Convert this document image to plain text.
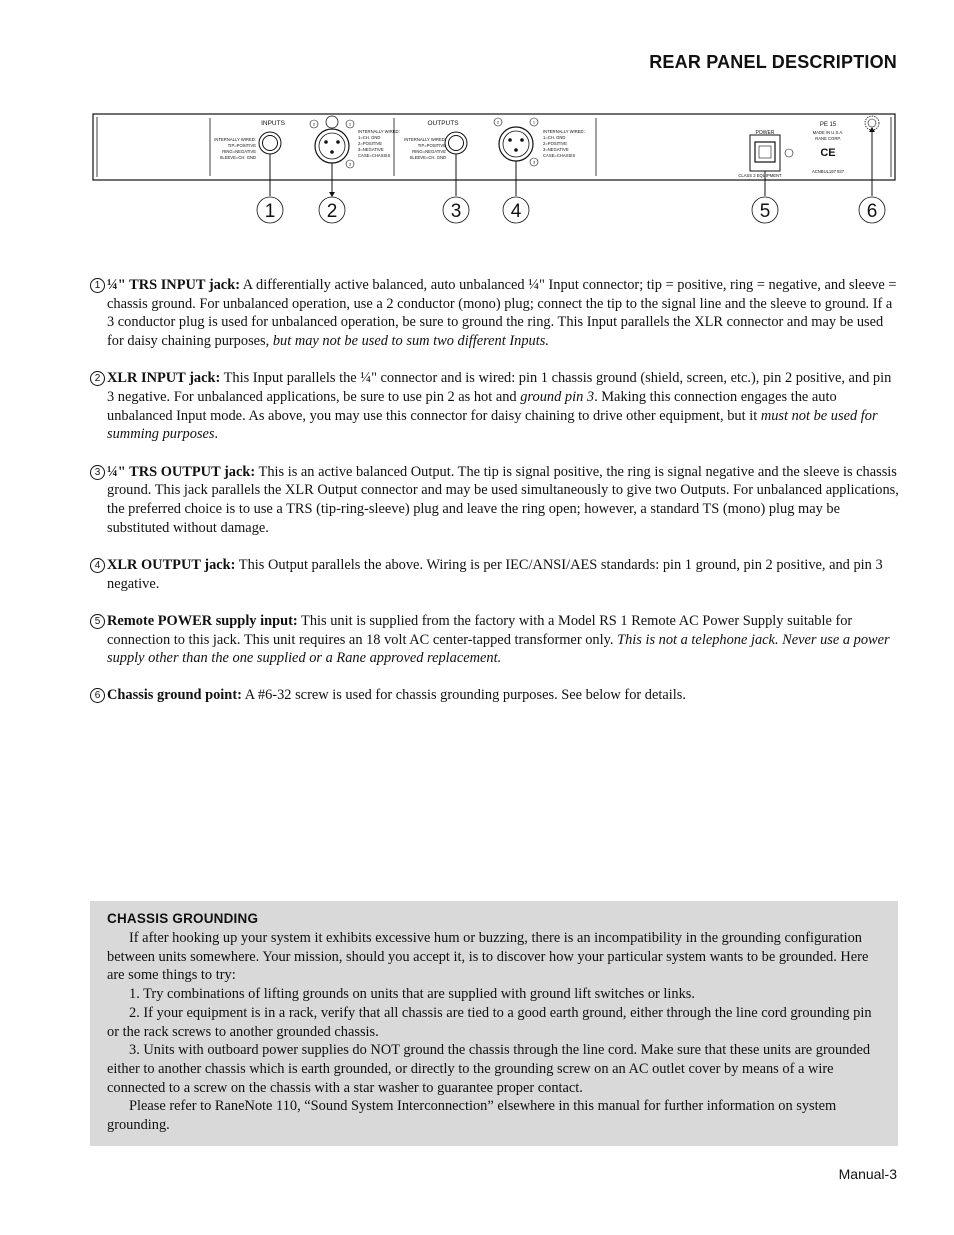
REAR PANEL DESCRIPTION
INPUTS	OUTPUTS
INTERNALLY WIRED:
TIP=POSITIVE
RING=NEGATIVE
SLEEVE=CH. GND
2	1
3
INTERNALLY WIRED:
1=CH. GND
2=POSITIVE
3=NEGATIVE
CASE=CHASSIS
INTERNALLY WIRED:
TIP=POSITIVE
RING=NEGATIVE
SLEEVE=CH. GND
2	1
3
INTERNALLY WIRED:
1=CH. GND
2=POSITIVE
3=NEGATIVE
CASE=CHASSIS
POWER
CLASS 2 EQUIPMENT
PE 15
MADE IN U.S.A.
RANE CORP.
CE
ACNBUL197 837
1	2	3	4	5	6
1 ¼" TRS INPUT jack: A differentially active balanced, auto unbalanced ¼" Input connector; tip = positive, ring = negative, and sleeve = chassis ground. For unbalanced operation, use a 2 conductor (mono) plug; connect the tip to the signal line and the sleeve to ground. If a 3 conductor plug is used for unbalanced operation, be sure to ground the ring. This Input parallels the XLR connector and may be used for daisy chaining purposes, but may not be used to sum two different Inputs.
2 XLR INPUT jack: This Input parallels the ¼" connector and is wired: pin 1 chassis ground (shield, screen, etc.), pin 2 positive, and pin 3 negative. For unbalanced applications, be sure to use pin 2 as hot and ground pin 3. Making this connection engages the auto unbalanced Input mode. As above, you may use this connector for daisy chaining to drive other equipment, but it must not be used for summing purposes.
3 ¼" TRS OUTPUT jack: This is an active balanced Output. The tip is signal positive, the ring is signal negative and the sleeve is chassis ground. This jack parallels the XLR Output connector and may be used simultaneously to give two Outputs. For unbalanced applications, the preferred choice is to use a TRS (tip-ring-sleeve) plug and leave the ring open; however, a standard TS (mono) plug may be substituted without damage.
4 XLR OUTPUT jack: This Output parallels the above. Wiring is per IEC/ANSI/AES standards: pin 1 ground, pin 2 positive, and pin 3 negative.
5 Remote POWER supply input: This unit is supplied from the factory with a Model RS 1 Remote AC Power Supply suitable for connection to this jack. This unit requires an 18 volt AC center-tapped transformer only. This is not a telephone jack. Never use a power supply other than the one supplied or a Rane approved replacement.
6 Chassis ground point: A #6-32 screw is used for chassis grounding purposes. See below for details.
CHASSIS GROUNDING

If after hooking up your system it exhibits excessive hum or buzzing, there is an incompatibility in the grounding configuration between units somewhere. Your mission, should you accept it, is to discover how your particular system wants to be grounded. Here are some things to try:

1. Try combinations of lifting grounds on units that are supplied with ground lift switches or links.

2. If your equipment is in a rack, verify that all chassis are tied to a good earth ground, either through the line cord grounding pin or the rack screws to another grounded chassis.

3. Units with outboard power supplies do NOT ground the chassis through the line cord. Make sure that these units are grounded either to another chassis which is earth grounded, or directly to the grounding screw on an AC outlet cover by means of a wire connected to a screw on the chassis with a star washer to guarantee proper contact.

Please refer to RaneNote 110, “Sound System Interconnection” elsewhere in this manual for further information on system grounding.

Manual-3
